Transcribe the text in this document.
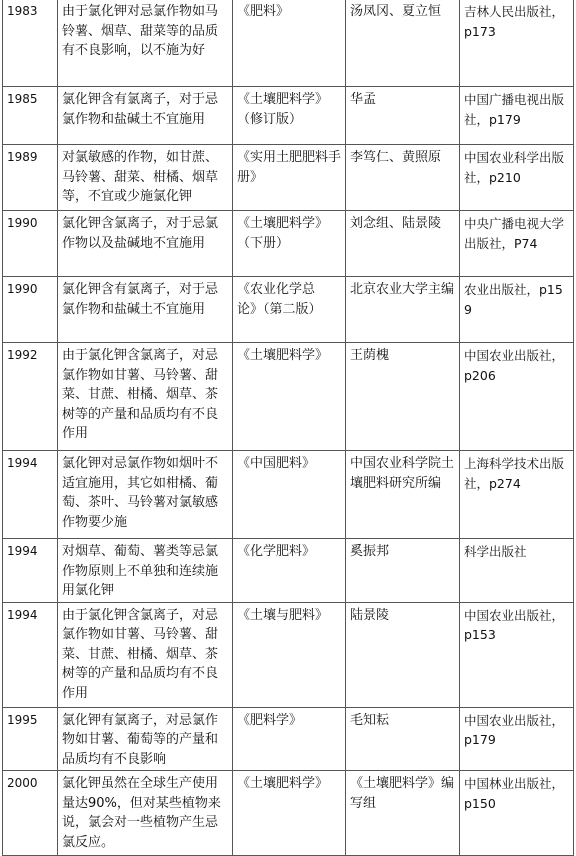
1983	由于氯化钾对忌氯作物如马铃薯、烟草、甜菜等的品质有不良影响，以不施为好	《肥料》	汤凤冈、夏立恒	吉林人民出版社，p173
1985	氯化钾含有氯离子，对于忌氯作物和盐碱土不宜施用	《土壤肥料学》（修订版）	华孟	中国广播电视出版社，p179
1989	对氯敏感的作物，如甘蔗、马铃薯、甜菜、柑橘、烟草等，不宜或少施氯化钾	《实用土肥肥料手册》	李笃仁、黄照原	中国农业科学出版社，p210
1990	氯化钾含氯离子，对于忌氯作物以及盐碱地不宜施用	《土壤肥料学》（下册）	刘念组、陆景陵	中央广播电视大学出版社，P74
1990	氯化钾含有氯离子，对于忌氯作物和盐碱土不宜施用	《农业化学总论》（第二版）	北京农业大学主编	农业出版社，p159
1992	由于氯化钾含氯离子，对忌氯作物如甘薯、马铃薯、甜菜、甘蔗、柑橘、烟草、茶树等的产量和品质均有不良作用	《土壤肥料学》	王荫槐	中国农业出版社，p206
1994	氯化钾对忌氯作物如烟叶不适宜施用，其它如柑橘、葡萄、茶叶、马铃薯对氯敏感作物要少施	《中国肥料》	中国农业科学院土壤肥料研究所编	上海科学技术出版社，p274
1994	对烟草、葡萄、薯类等忌氯作物原则上不单独和连续施用氯化钾	《化学肥料》	奚振邦	科学出版社
1994	由于氯化钾含氯离子，对忌氯作物如甘薯、马铃薯、甜菜、甘蔗、柑橘、烟草、茶树等的产量和品质均有不良作用	《土壤与肥料》	陆景陵	中国农业出版社，p153
1995	氯化钾有氯离子，对忌氯作物如甘薯、葡萄等的产量和品质均有不良影响	《肥料学》	毛知耘	中国农业出版社，p179
2000	氯化钾虽然在全球生产使用量达90%，但对某些植物来说，氯会对一些植物产生忌氯反应。	《土壤肥料学》	《土壤肥料学》编写组	中国林业出版社，p150
